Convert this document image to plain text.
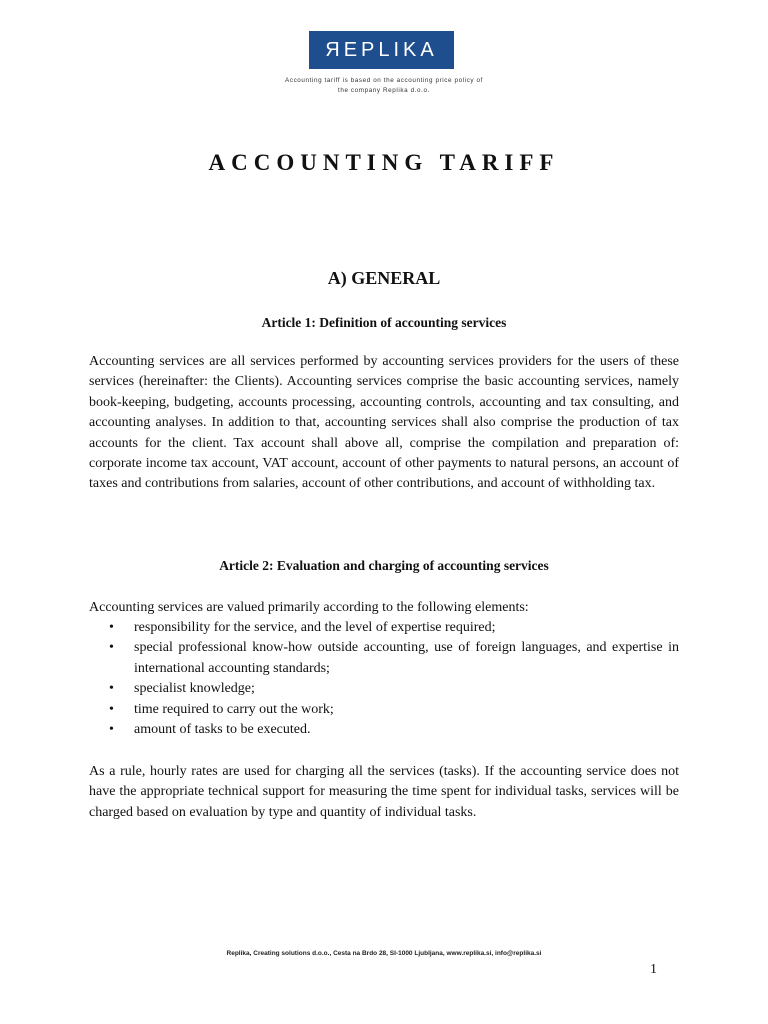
ЯEPLIKA
Accounting tariff is based on the accounting price policy of
the company Replika d.o.o.
ACCOUNTING TARIFF
A) GENERAL
Article 1: Definition of accounting services

Accounting services are all services performed by accounting services providers for the users of these services (hereinafter: the Clients). Accounting services comprise the basic accounting services, namely book-keeping, budgeting, accounts processing, accounting controls, accounting and tax consulting, and accounting analyses. In addition to that, accounting services shall also comprise the production of tax accounts for the client. Tax account shall above all, comprise the compilation and preparation of: corporate income tax account, VAT account, account of other payments to natural persons, an account of taxes and contributions from salaries, account of other contributions, and account of withholding tax.

Article 2: Evaluation and charging of accounting services

Accounting services are valued primarily according to the following elements:

• responsibility for the service, and the level of expertise required;
• special professional know-how outside accounting, use of foreign languages, and expertise in international accounting standards;
• specialist knowledge;
• time required to carry out the work;
• amount of tasks to be executed.

As a rule, hourly rates are used for charging all the services (tasks). If the accounting service does not have the appropriate technical support for measuring the time spent for individual tasks, services will be charged based on evaluation by type and quantity of individual tasks.

Replika, Creating solutions d.o.o., Cesta na Brdo 28, SI-1000 Ljubljana, www.replika.si, info@replika.si
1
